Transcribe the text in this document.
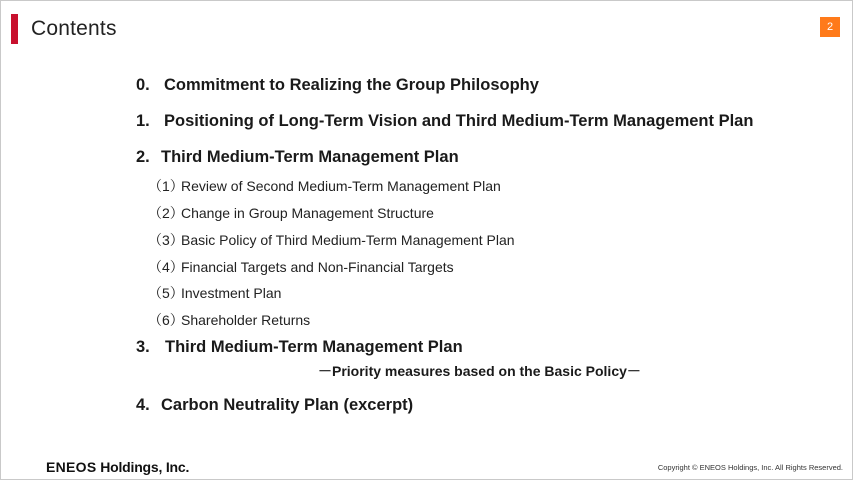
Contents	2
0. Commitment to Realizing the Group Philosophy
1. Positioning of Long-Term Vision and Third Medium-Term Management Plan
2. Third Medium-Term Management Plan
（1）Review of Second Medium-Term Management Plan
（2）Change in Group Management Structure
（3）Basic Policy of Third Medium-Term Management Plan
（4）Financial Targets and Non-Financial Targets
（5）Investment Plan
（6）Shareholder Returns
3. Third Medium-Term Management Plan
－Priority measures based on the Basic Policy－
4. Carbon Neutrality Plan (excerpt)
ENEOS Holdings, Inc.	Copyright © ENEOS Holdings, Inc. All Rights Reserved.
